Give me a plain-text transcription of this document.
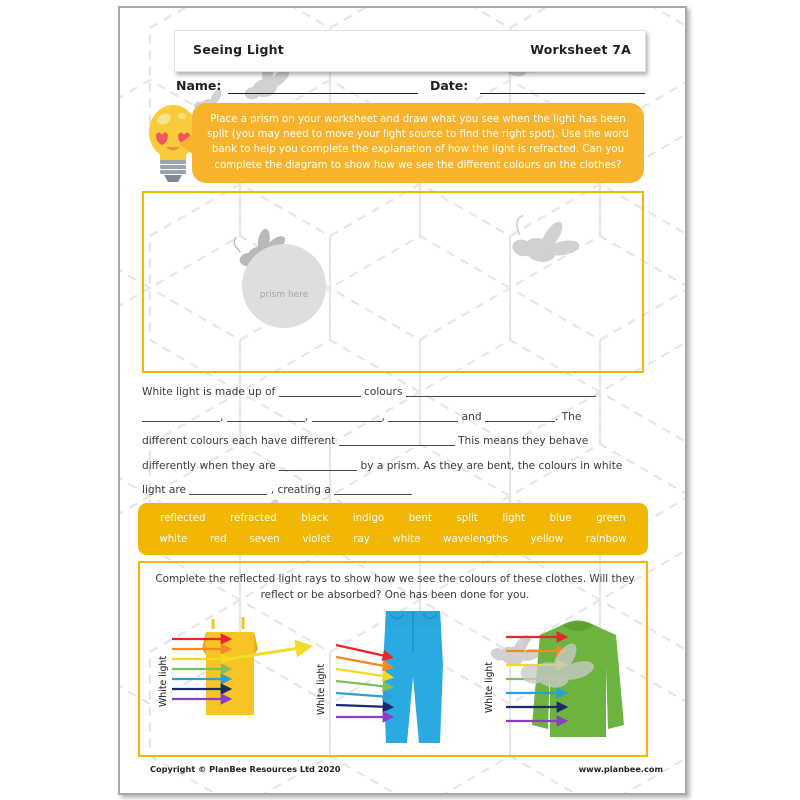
Seeing Light	Worksheet 7A
Name:	Date:
Place a prism on your worksheet and draw what you see when the light has been split (you may need to move your light source to find the right spot). Use the word bank to help you complete the explanation of how the light is refracted. Can you complete the diagram to show how we see the different colours on the clothes?
prism here
White light is made up of	colours
,	,	,	and	. The
different colours each have different	This means they behave
differently when they are	by a prism. As they are bent, the colours in white
light are	, creating a
reflected refracted black indigo bent split light blue green
white red seven violet ray white wavelengths yellow rainbow
Complete the reflected light rays to show how we see the colours of these clothes. Will they reflect or be absorbed? One has been done for you.
White light	White light	White light
Copyright © PlanBee Resources Ltd 2020	www.planbee.com
